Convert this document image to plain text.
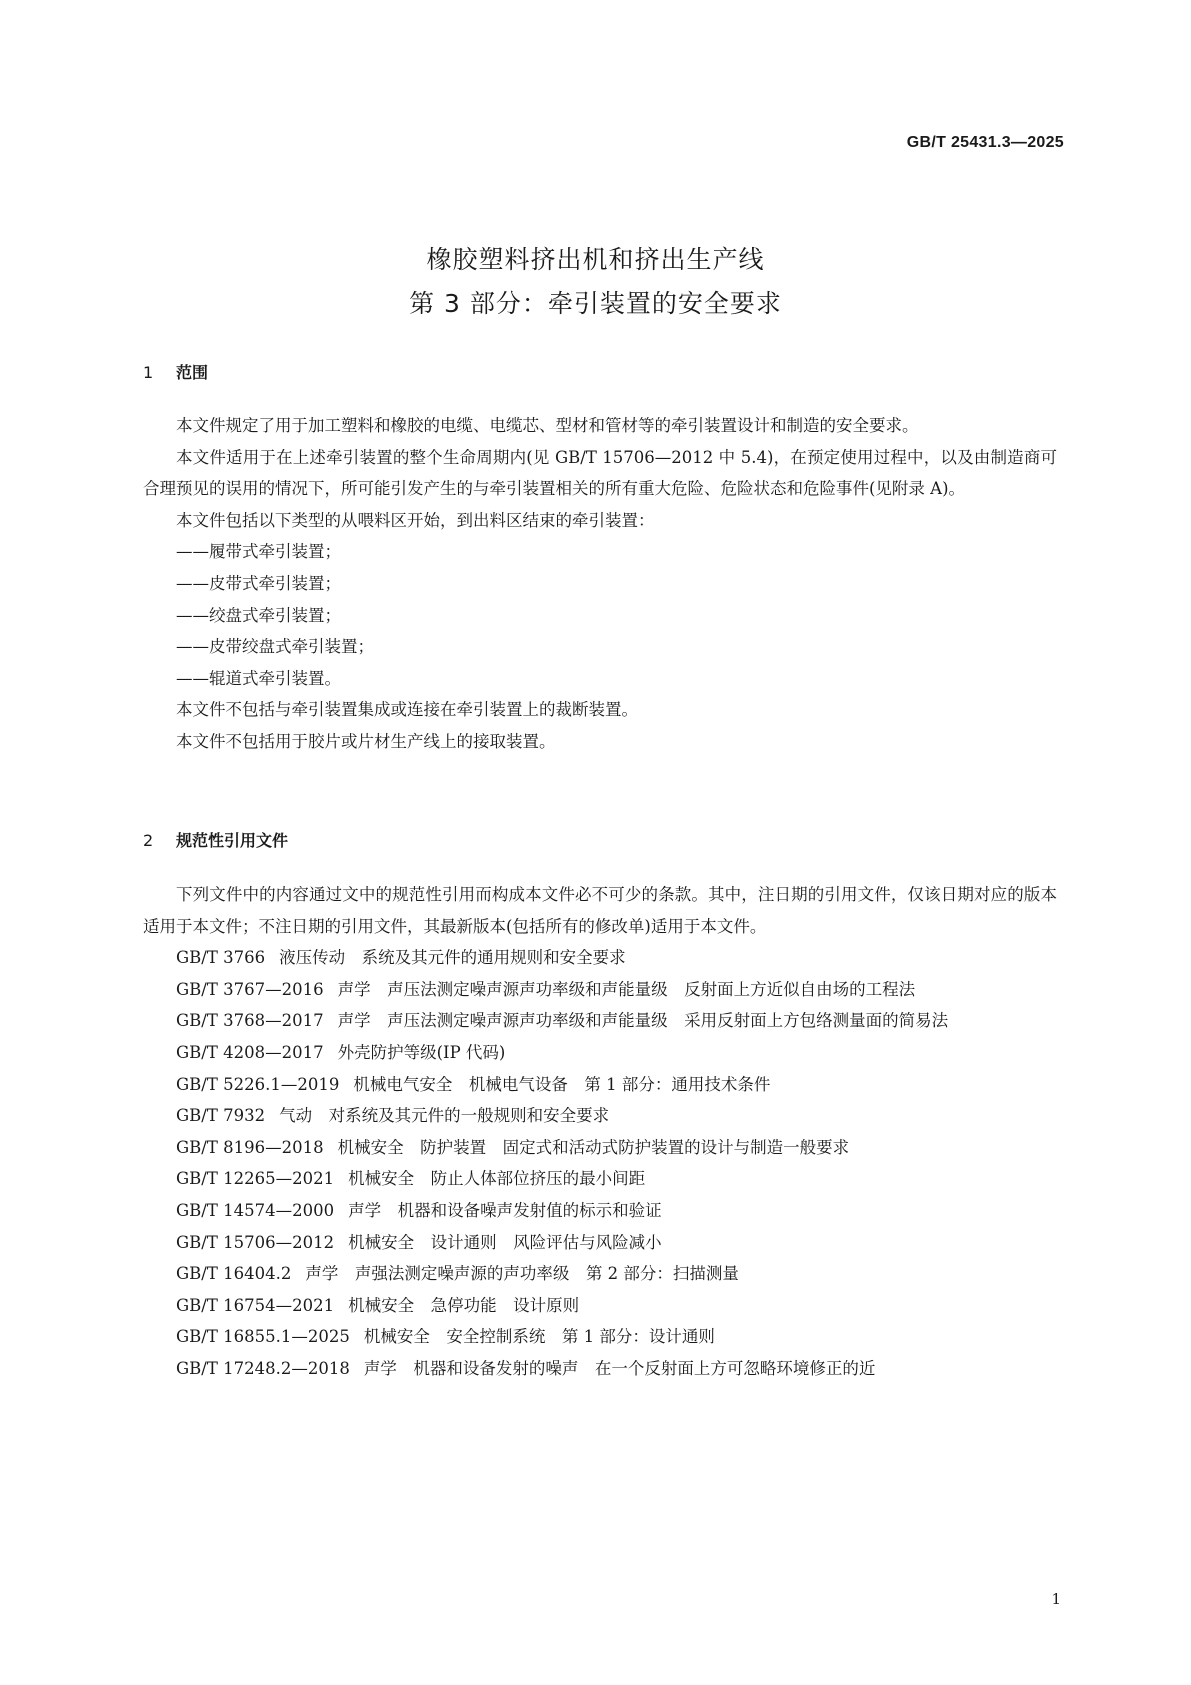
GB/T 25431.3—2025
橡胶塑料挤出机和挤出生产线
第 3 部分：牵引装置的安全要求
1 范围
本文件规定了用于加工塑料和橡胶的电缆、电缆芯、型材和管材等的牵引装置设计和制造的安全要求。
本文件适用于在上述牵引装置的整个生命周期内(见 GB/T 15706—2012 中 5.4)，在预定使用过程中，以及由制造商可合理预见的误用的情况下，所可能引发产生的与牵引装置相关的所有重大危险、危险状态和危险事件(见附录 A)。
本文件包括以下类型的从喂料区开始，到出料区结束的牵引装置：
——履带式牵引装置；
——皮带式牵引装置；
——绞盘式牵引装置；
——皮带绞盘式牵引装置；
——辊道式牵引装置。
本文件不包括与牵引装置集成或连接在牵引装置上的裁断装置。
本文件不包括用于胶片或片材生产线上的接取装置。
2 规范性引用文件
下列文件中的内容通过文中的规范性引用而构成本文件必不可少的条款。其中，注日期的引用文件，仅该日期对应的版本适用于本文件；不注日期的引用文件，其最新版本(包括所有的修改单)适用于本文件。
GB/T 3766 液压传动　系统及其元件的通用规则和安全要求
GB/T 3767—2016 声学　声压法测定噪声源声功率级和声能量级　反射面上方近似自由场的工程法
GB/T 3768—2017 声学　声压法测定噪声源声功率级和声能量级　采用反射面上方包络测量面的简易法
GB/T 4208—2017 外壳防护等级(IP 代码)
GB/T 5226.1—2019 机械电气安全　机械电气设备　第 1 部分：通用技术条件
GB/T 7932 气动　对系统及其元件的一般规则和安全要求
GB/T 8196—2018 机械安全　防护装置　固定式和活动式防护装置的设计与制造一般要求
GB/T 12265—2021 机械安全　防止人体部位挤压的最小间距
GB/T 14574—2000 声学　机器和设备噪声发射值的标示和验证
GB/T 15706—2012 机械安全　设计通则　风险评估与风险减小
GB/T 16404.2 声学　声强法测定噪声源的声功率级　第 2 部分：扫描测量
GB/T 16754—2021 机械安全　急停功能　设计原则
GB/T 16855.1—2025 机械安全　安全控制系统　第 1 部分：设计通则
GB/T 17248.2—2018 声学　机器和设备发射的噪声　在一个反射面上方可忽略环境修正的近
1
